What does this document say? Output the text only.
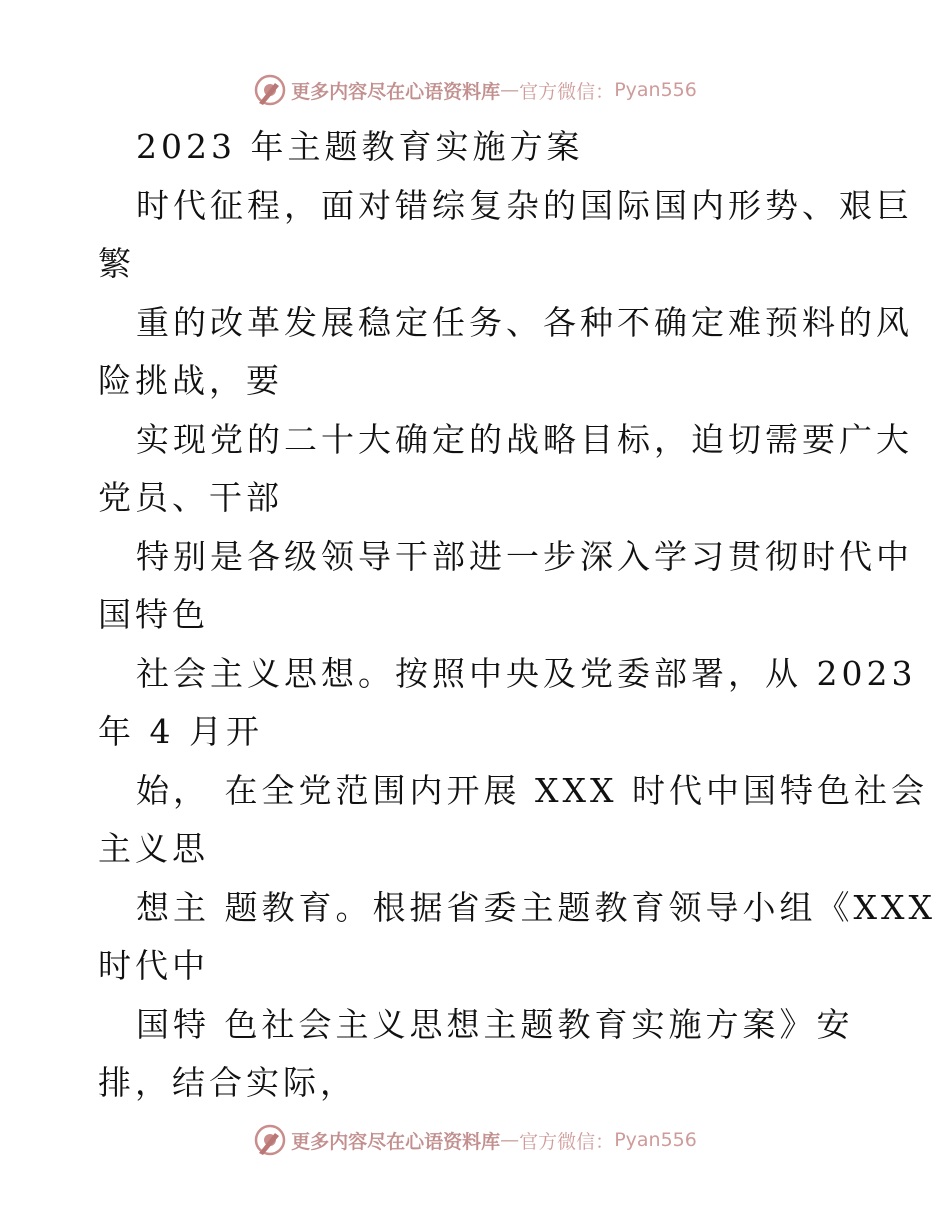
更多内容尽在心语资料库 — 官方微信： Pyan556
2023 年主题教育实施方案
时代征程，面对错综复杂的国际国内形势、艰巨
繁
重的改革发展稳定任务、各种不确定难预料的风
险挑战，要
实现党的二十大确定的战略目标，迫切需要广大
党员、干部
特别是各级领导干部进一步深入学习贯彻时代中
国特色
社会主义思想。按照中央及党委部署，从 2023
年 4 月开
始， 在全党范围内开展 XXX 时代中国特色社会
主义思
想主 题教育。根据省委主题教育领导小组《XXX
时代中
国特 色社会主义思想主题教育实施方案》安
排，结合实际，
更多内容尽在心语资料库 — 官方微信： Pyan556
